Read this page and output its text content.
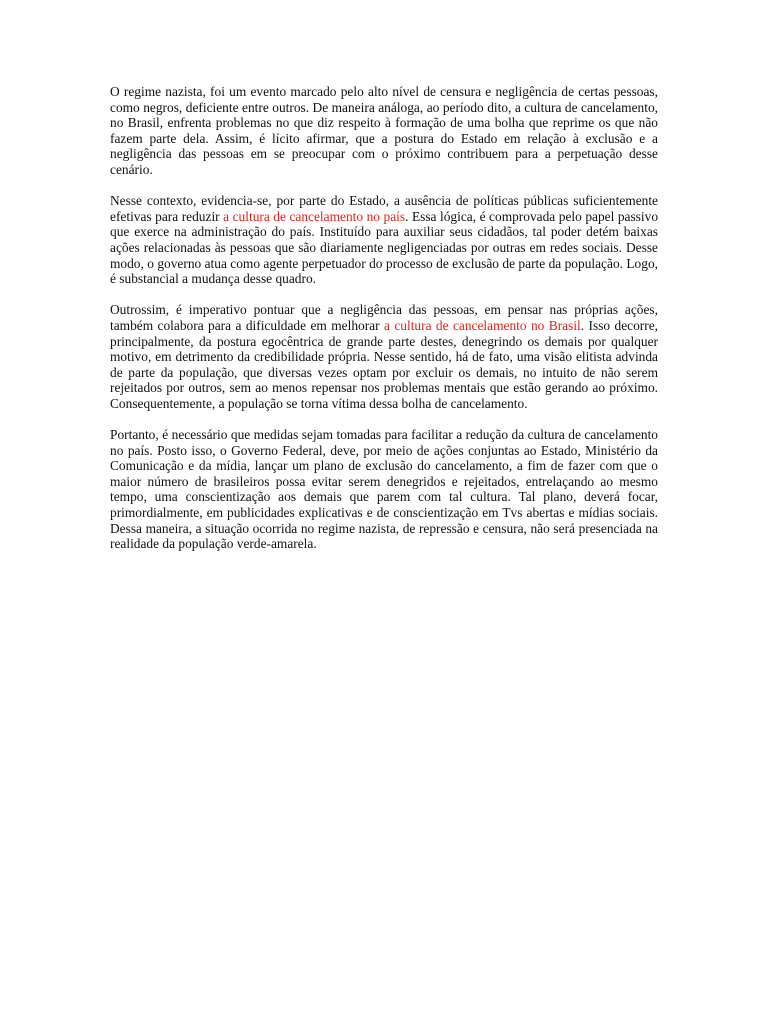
O regime nazista, foi um evento marcado pelo alto nível de censura e negligência de certas pessoas, como negros, deficiente entre outros. De maneira análoga, ao período dito, a cultura de cancelamento, no Brasil, enfrenta problemas no que diz respeito à formação de uma bolha que reprime os que não fazem parte dela. Assim, é lícito afirmar, que a postura do Estado em relação à exclusão e a negligência das pessoas em se preocupar com o próximo contribuem para a perpetuação desse cenário.

Nesse contexto, evidencia-se, por parte do Estado, a ausência de políticas públicas suficientemente efetivas para reduzir a cultura de cancelamento no país. Essa lógica, é comprovada pelo papel passivo que exerce na administração do país. Instituído para auxiliar seus cidadãos, tal poder detém baixas ações relacionadas às pessoas que são diariamente negligenciadas por outras em redes sociais. Desse modo, o governo atua como agente perpetuador do processo de exclusão de parte da população. Logo, é substancial a mudança desse quadro.

Outrossim, é imperativo pontuar que a negligência das pessoas, em pensar nas próprias ações, também colabora para a dificuldade em melhorar a cultura de cancelamento no Brasil. Isso decorre, principalmente, da postura egocêntrica de grande parte destes, denegrindo os demais por qualquer motivo, em detrimento da credibilidade própria. Nesse sentido, há de fato, uma visão elitista advinda de parte da população, que diversas vezes optam por excluir os demais, no intuito de não serem rejeitados por outros, sem ao menos repensar nos problemas mentais que estão gerando ao próximo. Consequentemente, a população se torna vítima dessa bolha de cancelamento.

Portanto, é necessário que medidas sejam tomadas para facilitar a redução da cultura de cancelamento no país. Posto isso, o Governo Federal, deve, por meio de ações conjuntas ao Estado, Ministério da Comunicação e da mídia, lançar um plano de exclusão do cancelamento, a fim de fazer com que o maior número de brasileiros possa evitar serem denegridos e rejeitados, entrelaçando ao mesmo tempo, uma conscientização aos demais que parem com tal cultura. Tal plano, deverá focar, primordialmente, em publicidades explicativas e de conscientização em Tvs abertas e mídias sociais. Dessa maneira, a situação ocorrida no regime nazista, de repressão e censura, não será presenciada na realidade da população verde-amarela.
